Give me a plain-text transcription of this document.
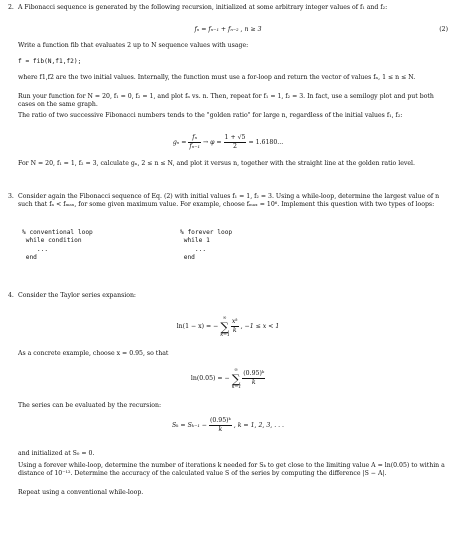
2. A Fibonacci sequence is generated by the following recursion, initialized at some arbitrary integer values of f₁ and f₂:

fₙ = fₙ₋₁ + fₙ₋₂ , n ≥ 3	(2)

Write a function fib that evaluates 2 up to N sequence values with usage:

f = fib(N,f1,f2);

where f1,f2 are the two initial values. Internally, the function must use a for-loop and return the vector of values fₙ, 1 ≤ n ≤ N.

Run your function for N = 20, f₁ = 0, f₂ = 1, and plot fₙ vs. n. Then, repeat for f₁ = 1, f₂ = 3. In fact, use a semilogy plot and put both cases on the same graph.

The ratio of two successive Fibonacci numbers tends to the "golden ratio" for large n, regardless of the initial values f₁, f₂:

$g_n = \frac{\text{fₙ}}{\text{fₙ₋₁}} \to \varphi = \frac{1 + √5}{2} = 1.6180$...

For N = 20, f₁ = 1, f₂ = 3, calculate gₙ, 2 ≤ n ≤ N, and plot it versus n, together with the straight line at the golden ratio level.

3. Consider again the Fibonacci sequence of Eq. (2) with initial values f₁ = 1, f₂ = 3. Using a while-loop, determine the largest value of n such that fₙ < fₘₐₓ, for some given maximum value. For example, choose fₘₐₓ = 10⁶. Implement this question with two types of loops:

% conventional loop
while condition
...
end
% forever loop
while 1
...
end
4. Consider the Taylor series expansion:

ln(1 − x) = − ∑
∞
k=1
$\frac{\text{xᵏ}}{k}$ , −1 ≤ x < 1

As a concrete example, choose x = 0.95, so that

ln(0.05) = − ∑
∞
k=1
$\frac{\text{(0.95)ᵏ}}{k}$

The series can be evaluated by the recursion:

$S_k = S_{k-1} - \frac{\text{(0.95)ᵏ}}{k}$ , k = 1, 2, 3, . . .

and initialized at S₀ = 0.

Using a forever while-loop, determine the number of iterations k needed for Sₖ to get close to the limiting value A = ln(0.05) to within a distance of 10⁻¹². Determine the accuracy of the calculated value S of the series by computing the difference |S − A|.

Repeat using a conventional while-loop.
